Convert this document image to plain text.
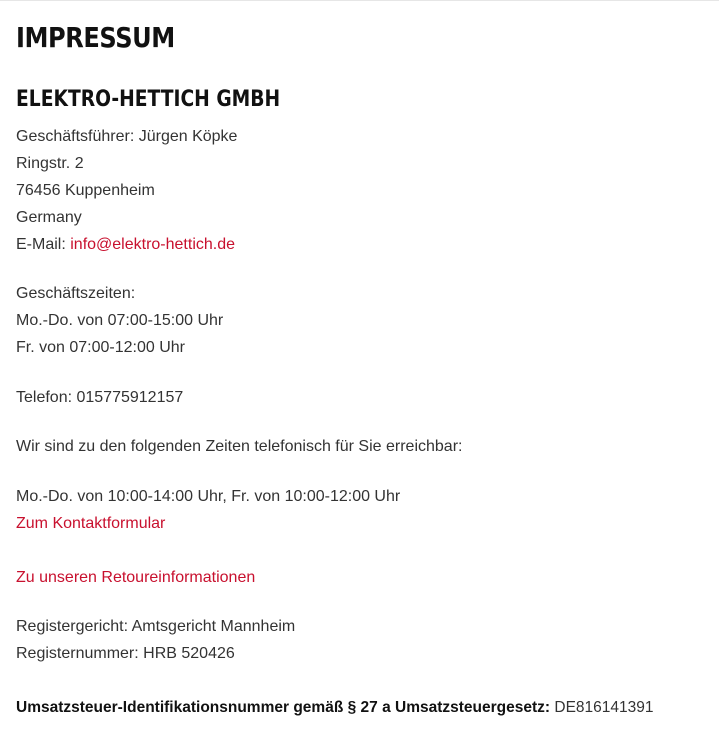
IMPRESSUM
ELEKTRO-HETTICH GMBH
Geschäftsführer: Jürgen Köpke
Ringstr. 2
76456 Kuppenheim
Germany
E-Mail: info@elektro-hettich.de
Geschäftszeiten:
Mo.-Do. von 07:00-15:00 Uhr
Fr. von 07:00-12:00 Uhr
Telefon: 015775912157
Wir sind zu den folgenden Zeiten telefonisch für Sie erreichbar:
Mo.-Do. von 10:00-14:00 Uhr, Fr. von 10:00-12:00 Uhr
Zum Kontaktformular
Zu unseren Retoureinformationen
Registergericht: Amtsgericht Mannheim
Registernummer: HRB 520426
Umsatzsteuer-Identifikationsnummer gemäß § 27 a Umsatzsteuergesetz: DE816141391
